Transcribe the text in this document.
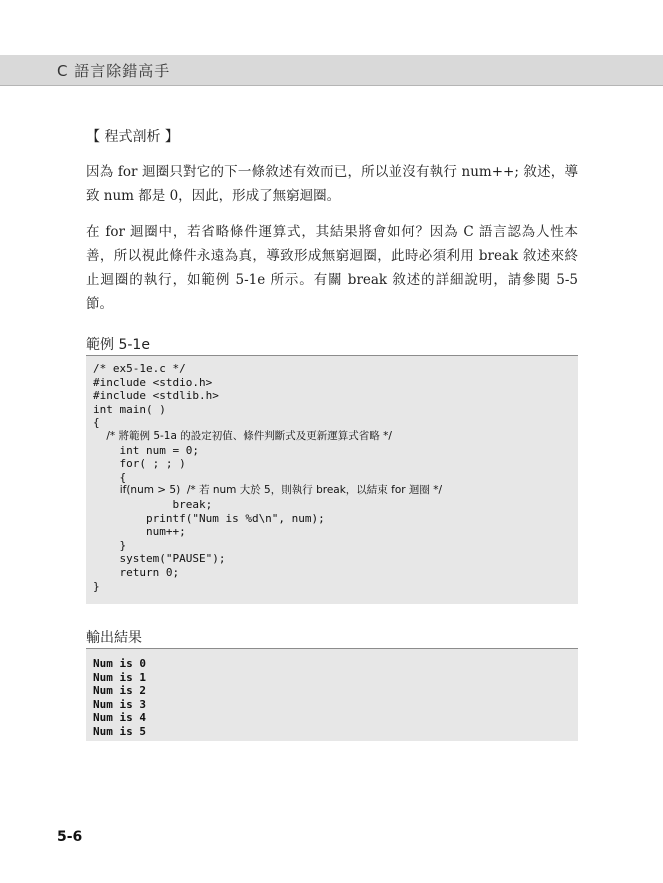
C 語言除錯高手
【 程式剖析 】
因為 for 迴圈只對它的下一條敘述有效而已，所以並沒有執行 num++; 敘述，導致 num 都是 0，因此，形成了無窮迴圈。
在 for 迴圈中，若省略條件運算式，其結果將會如何？因為 C 語言認為人性本善，所以視此條件永遠為真，導致形成無窮迴圈，此時必須利用 break 敘述來終止迴圈的執行，如範例 5-1e 所示。有關 break 敘述的詳細說明，請參閱 5-5 節。
範例 5-1e
/* ex5-1e.c */
#include <stdio.h>
#include <stdlib.h>
int main( )
{
/* 將範例 5-1a 的設定初值、條件判斷式及更新運算式省略 */
int num = 0;
for( ; ; )
{
if(num > 5)  /* 若 num 大於 5，則執行 break，以結束 for 迴圈 */
break;
printf("Num is %d\n", num);
num++;
}
system("PAUSE");
return 0;
}
輸出結果
Num is 0
Num is 1
Num is 2
Num is 3
Num is 4
Num is 5
5-6
